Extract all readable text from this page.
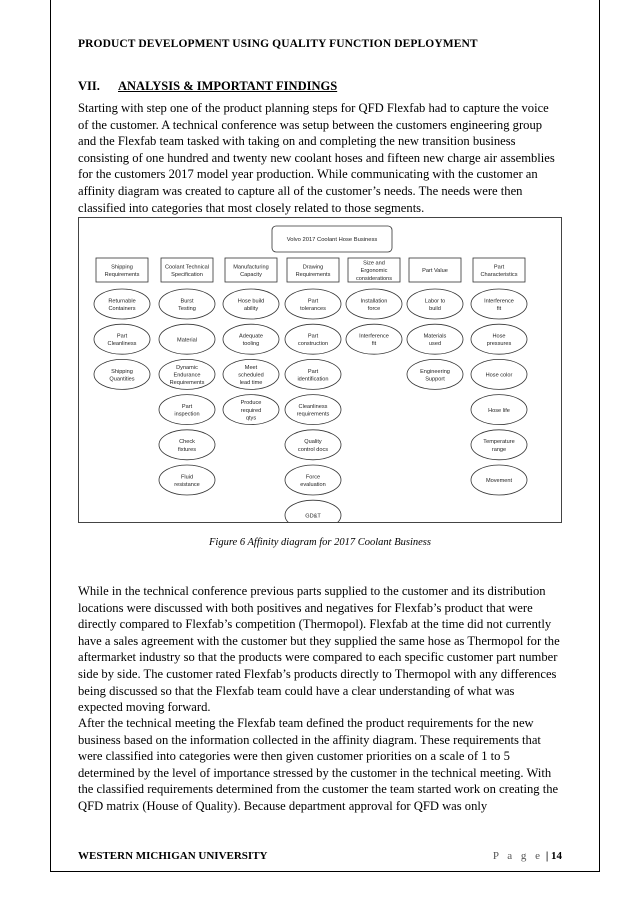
PRODUCT DEVELOPMENT USING QUALITY FUNCTION DEPLOYMENT
VII. ANALYSIS & IMPORTANT FINDINGS

Starting with step one of the product planning steps for QFD Flexfab had to capture the voice of the customer. A technical conference was setup between the customers engineering group and the Flexfab team tasked with taking on and completing the new transition business consisting of one hundred and twenty new coolant hoses and fifteen new charge air assemblies for the customers 2017 model year production. While communicating with the customer an affinity diagram was created to capture all of the customer’s needs. The needs were then classified into categories that most closely related to those segments.

Volvo 2017 Coolant Hose Business
Shipping Requirements
Returnable Containers
Part Cleanliness
Shipping Quantities
Coolant Technical Specification
Burst Testing
Material
Dynamic Endurance Requirements
Part inspection
Check fixtures
Fluid resistance
Manufacturing Capacity
Hose build ability
Adequate tooling
Meet scheduled lead time
Produce required qtys
Drawing Requirements
Part tolerances
Part construction
Part identification
Cleanliness requirements
Quality control docs
Force evaluation
GD&T
Size and Ergonomic considerations
Installation force
Interference fit
Part Value
Labor to build
Materials used
Engineering Support
Part Characteristics
Interference fit
Hose pressures
Hose color
Hose life
Temperature range
Movement
Figure 6 Affinity diagram for 2017 Coolant Business

While in the technical conference previous parts supplied to the customer and its distribution locations were discussed with both positives and negatives for Flexfab’s product that were directly compared to Flexfab’s competition (Thermopol). Flexfab at the time did not currently have a sales agreement with the customer but they supplied the same hose as Thermopol for the aftermarket industry so that the products were compared to each specific customer part number side by side. The customer rated Flexfab’s products directly to Thermopol with any differences being discussed so that the Flexfab team could have a clear understanding of what was expected moving forward.

After the technical meeting the Flexfab team defined the product requirements for the new business based on the information collected in the affinity diagram. These requirements that were classified into categories were then given customer priorities on a scale of 1 to 5 determined by the level of importance stressed by the customer in the technical meeting. With the classified requirements determined from the customer the team started work on creating the QFD matrix (House of Quality). Because department approval for QFD was only

WESTERN MICHIGAN UNIVERSITY	P a g e | 14
